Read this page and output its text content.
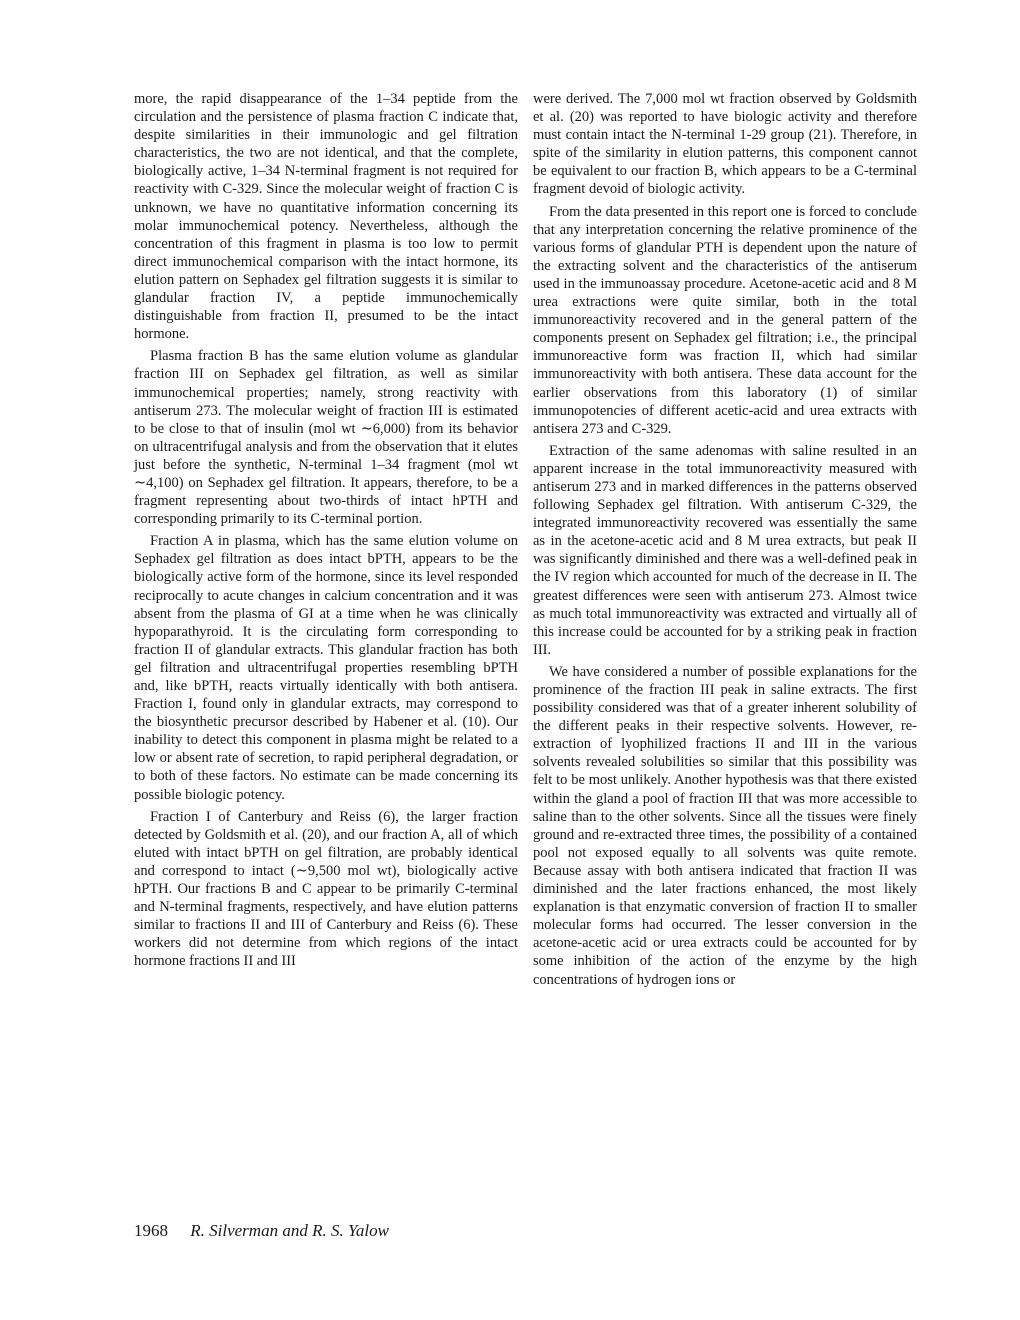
more, the rapid disappearance of the 1–34 peptide from the circulation and the persistence of plasma fraction C indicate that, despite similarities in their immunologic and gel filtration characteristics, the two are not identical, and that the complete, biologically active, 1–34 N-terminal fragment is not required for reactivity with C-329. Since the molecular weight of fraction C is unknown, we have no quantitative information concerning its molar immunochemical potency. Nevertheless, although the concentration of this fragment in plasma is too low to permit direct immunochemical comparison with the intact hormone, its elution pattern on Sephadex gel filtration suggests it is similar to glandular fraction IV, a peptide immunochemically distinguishable from fraction II, presumed to be the intact hormone.

Plasma fraction B has the same elution volume as glandular fraction III on Sephadex gel filtration, as well as similar immunochemical properties; namely, strong reactivity with antiserum 273. The molecular weight of fraction III is estimated to be close to that of insulin (mol wt ∼6,000) from its behavior on ultracentrifugal analysis and from the observation that it elutes just before the synthetic, N-terminal 1–34 fragment (mol wt ∼4,100) on Sephadex gel filtration. It appears, therefore, to be a fragment representing about two-thirds of intact hPTH and corresponding primarily to its C-terminal portion.

Fraction A in plasma, which has the same elution volume on Sephadex gel filtration as does intact bPTH, appears to be the biologically active form of the hormone, since its level responded reciprocally to acute changes in calcium concentration and it was absent from the plasma of GI at a time when he was clinically hypoparathyroid. It is the circulating form corresponding to fraction II of glandular extracts. This glandular fraction has both gel filtration and ultracentrifugal properties resembling bPTH and, like bPTH, reacts virtually identically with both antisera. Fraction I, found only in glandular extracts, may correspond to the biosynthetic precursor described by Habener et al. (10). Our inability to detect this component in plasma might be related to a low or absent rate of secretion, to rapid peripheral degradation, or to both of these factors. No estimate can be made concerning its possible biologic potency.

Fraction I of Canterbury and Reiss (6), the larger fraction detected by Goldsmith et al. (20), and our fraction A, all of which eluted with intact bPTH on gel filtration, are probably identical and correspond to intact (∼9,500 mol wt), biologically active hPTH. Our fractions B and C appear to be primarily C-terminal and N-terminal fragments, respectively, and have elution patterns similar to fractions II and III of Canterbury and Reiss (6). These workers did not determine from which regions of the intact hormone fractions II and III

were derived. The 7,000 mol wt fraction observed by Goldsmith et al. (20) was reported to have biologic activity and therefore must contain intact the N-terminal 1-29 group (21). Therefore, in spite of the similarity in elution patterns, this component cannot be equivalent to our fraction B, which appears to be a C-terminal fragment devoid of biologic activity.

From the data presented in this report one is forced to conclude that any interpretation concerning the relative prominence of the various forms of glandular PTH is dependent upon the nature of the extracting solvent and the characteristics of the antiserum used in the immunoassay procedure. Acetone-acetic acid and 8 M urea extractions were quite similar, both in the total immunoreactivity recovered and in the general pattern of the components present on Sephadex gel filtration; i.e., the principal immunoreactive form was fraction II, which had similar immunoreactivity with both antisera. These data account for the earlier observations from this laboratory (1) of similar immunopotencies of different acetic-acid and urea extracts with antisera 273 and C-329.

Extraction of the same adenomas with saline resulted in an apparent increase in the total immunoreactivity measured with antiserum 273 and in marked differences in the patterns observed following Sephadex gel filtration. With antiserum C-329, the integrated immunoreactivity recovered was essentially the same as in the acetone-acetic acid and 8 M urea extracts, but peak II was significantly diminished and there was a well-defined peak in the IV region which accounted for much of the decrease in II. The greatest differences were seen with antiserum 273. Almost twice as much total immunoreactivity was extracted and virtually all of this increase could be accounted for by a striking peak in fraction III.

We have considered a number of possible explanations for the prominence of the fraction III peak in saline extracts. The first possibility considered was that of a greater inherent solubility of the different peaks in their respective solvents. However, re-extraction of lyophilized fractions II and III in the various solvents revealed solubilities so similar that this possibility was felt to be most unlikely. Another hypothesis was that there existed within the gland a pool of fraction III that was more accessible to saline than to the other solvents. Since all the tissues were finely ground and re-extracted three times, the possibility of a contained pool not exposed equally to all solvents was quite remote. Because assay with both antisera indicated that fraction II was diminished and the later fractions enhanced, the most likely explanation is that enzymatic conversion of fraction II to smaller molecular forms had occurred. The lesser conversion in the acetone-acetic acid or urea extracts could be accounted for by some inhibition of the action of the enzyme by the high concentrations of hydrogen ions or

1968 R. Silverman and R. S. Yalow
